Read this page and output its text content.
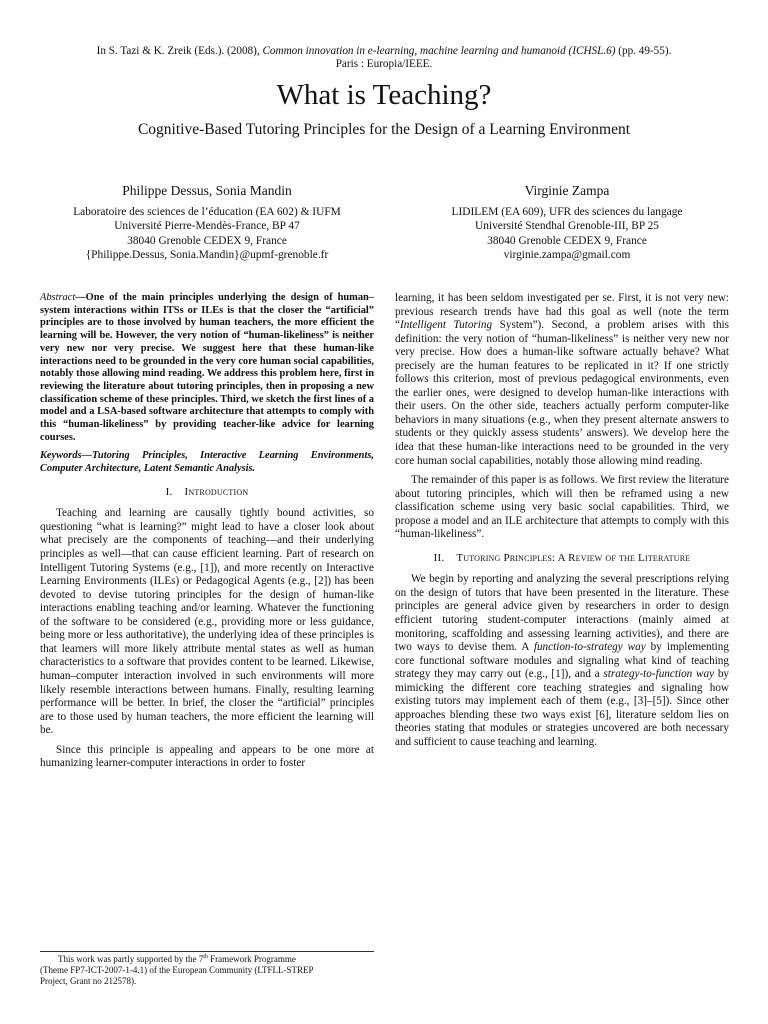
In S. Tazi & K. Zreik (Eds.). (2008), Common innovation in e-learning, machine learning and humanoid (ICHSL.6) (pp. 49-55).
Paris : Europia/IEEE.
What is Teaching?
Cognitive-Based Tutoring Principles for the Design of a Learning Environment
Philippe Dessus, Sonia Mandin
Laboratoire des sciences de l’éducation (EA 602) & IUFM
Université Pierre-Mendès-France, BP 47
38040 Grenoble CEDEX 9, France
{Philippe.Dessus, Sonia.Mandin}@upmf-grenoble.fr
Virginie Zampa
LIDILEM (EA 609), UFR des sciences du langage
Université Stendhal Grenoble-III, BP 25
38040 Grenoble CEDEX 9, France
virginie.zampa@gmail.com

Abstract—One of the main principles underlying the design of human–system interactions within ITSs or ILEs is that the closer the “artificial” principles are to those involved by human teachers, the more efficient the learning will be. However, the very notion of “human-likeliness” is neither very new nor very precise. We suggest here that these human-like interactions need to be grounded in the very core human social capabilities, notably those allowing mind reading. We address this problem here, first in reviewing the literature about tutoring principles, then in proposing a new classification scheme of these principles. Third, we sketch the first lines of a model and a LSA-based software architecture that attempts to comply with this “human-likeliness” by providing teacher-like advice for learning courses.

Keywords—Tutoring Principles, Interactive Learning Environments, Computer Architecture, Latent Semantic Analysis.

I. Introduction

Teaching and learning are causally tightly bound activities, so questioning “what is learning?” might lead to have a closer look about what precisely are the components of teaching—and their underlying principles as well—that can cause efficient learning. Part of research on Intelligent Tutoring Systems (e.g., [1]), and more recently on Interactive Learning Environments (ILEs) or Pedagogical Agents (e.g., [2]) has been devoted to devise tutoring principles for the design of human-like interactions enabling teaching and/or learning. Whatever the functioning of the software to be considered (e.g., providing more or less guidance, being more or less authoritative), the underlying idea of these principles is that learners will more likely attribute mental states as well as human characteristics to a software that provides content to be learned. Likewise, human–computer interaction involved in such environments will more likely resemble interactions between humans. Finally, resulting learning performance will be better. In brief, the closer the “artificial” principles are to those used by human teachers, the more efficient the learning will be.

Since this principle is appealing and appears to be one more at humanizing learner-computer interactions in order to foster

learning, it has been seldom investigated per se. First, it is not very new: previous research trends have had this goal as well (note the term “Intelligent Tutoring System”). Second, a problem arises with this definition: the very notion of “human-likeliness” is neither very new nor very precise. How does a human-like software actually behave? What precisely are the human features to be replicated in it? If one strictly follows this criterion, most of previous pedagogical environments, even the earlier ones, were designed to develop human-like interactions with their users. On the other side, teachers actually perform computer-like behaviors in many situations (e.g., when they present alternate answers to students or they quickly assess students’ answers). We develop here the idea that these human-like interactions need to be grounded in the very core human social capabilities, notably those allowing mind reading.

The remainder of this paper is as follows. We first review the literature about tutoring principles, which will then be reframed using a new classification scheme using very basic social capabilities. Third, we propose a model and an ILE architecture that attempts to comply with this “human-likeliness”.

II. Tutoring Principles: A Review of the Literature

We begin by reporting and analyzing the several prescriptions relying on the design of tutors that have been presented in the literature. These principles are general advice given by researchers in order to design efficient tutoring student-computer interactions (mainly aimed at monitoring, scaffolding and assessing learning activities), and there are two ways to devise them. A function-to-strategy way by implementing core functional software modules and signaling what kind of teaching strategy they may carry out (e.g., [1]), and a strategy-to-function way by mimicking the different core teaching strategies and signaling how existing tutors may implement each of them (e.g., [3]–[5]). Since other approaches blending these two ways exist [6], literature seldom lies on theories stating that modules or strategies uncovered are both necessary and sufficient to cause teaching and learning.

This work was partly supported by the 7th Framework Programme
(Theme FP7-ICT-2007-1-4.1) of the European Community (LTFLL-STREP
Project, Grant no 212578).
